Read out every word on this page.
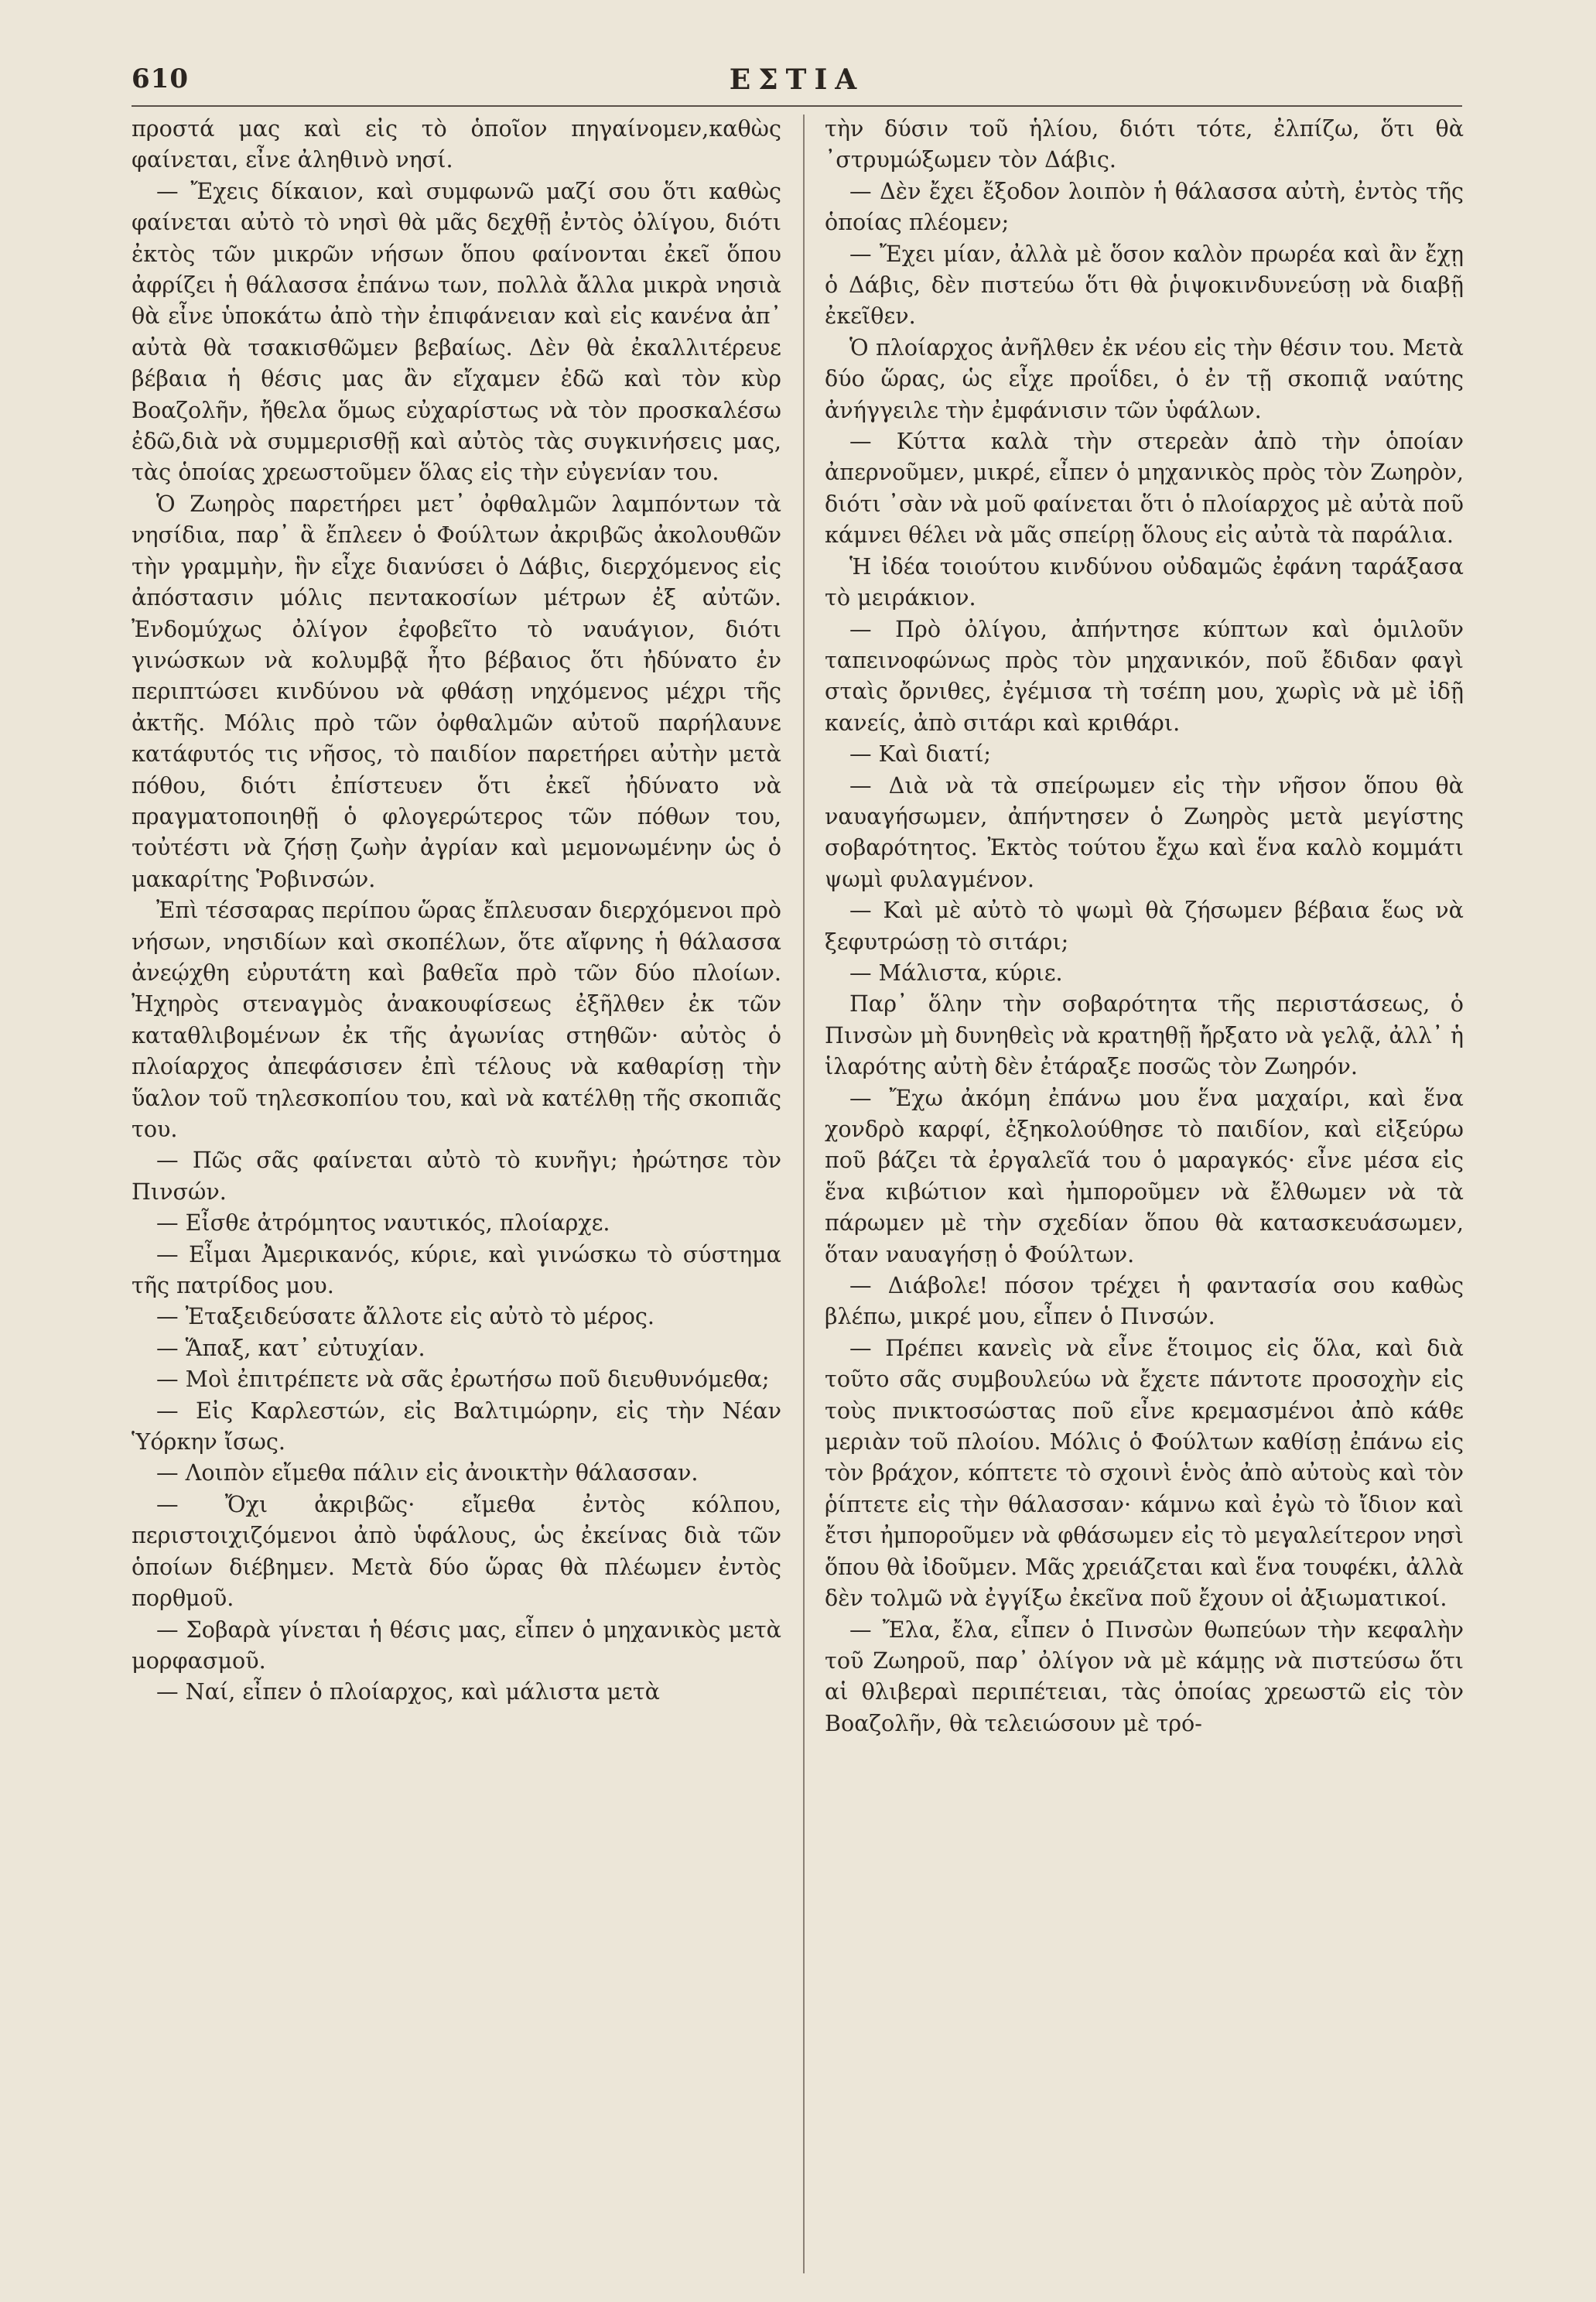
610	ΕΣΤΙΑ

προστά μας καὶ εἰς τὸ ὁποῖον πηγαίνομεν,καθὼς φαίνεται, εἶνε ἀληθινὸ νησί.

— Ἔχεις δίκαιον, καὶ συμφωνῶ μαζί σου ὅτι καθὼς φαίνεται αὐτὸ τὸ νησὶ θὰ μᾶς δεχθῇ ἐντὸς ὀλίγου, διότι ἐκτὸς τῶν μικρῶν νήσων ὅπου φαίνονται ἐκεῖ ὅπου ἀφρίζει ἡ θάλασσα ἐπάνω των, πολλὰ ἄλλα μικρὰ νησιὰ θὰ εἶνε ὑποκάτω ἀπὸ τὴν ἐπιφάνειαν καὶ εἰς κανένα ἀπ᾿ αὐτὰ θὰ τσακισθῶμεν βεβαίως. Δὲν θὰ ἐκαλλιτέρευε βέβαια ἡ θέσις μας ἂν εἴχαμεν ἐδῶ καὶ τὸν κὺρ Βοαζολῆν, ἤθελα ὅμως εὐχαρίστως νὰ τὸν προσκαλέσω ἐδῶ,διὰ νὰ συμμερισθῇ καὶ αὐτὸς τὰς συγκινήσεις μας, τὰς ὁποίας χρεωστοῦμεν ὅλας εἰς τὴν εὐγενίαν του.

Ὁ Ζωηρὸς παρετήρει μετ᾿ ὀφθαλμῶν λαμπόντων τὰ νησίδια, παρ᾿ ἃ ἔπλεεν ὁ Φούλτων ἀκριβῶς ἀκολουθῶν τὴν γραμμὴν, ἣν εἶχε διανύσει ὁ Δάβις, διερχόμενος εἰς ἀπόστασιν μόλις πεντακοσίων μέτρων ἐξ αὐτῶν. Ἐνδομύχως ὀλίγον ἐφοβεῖτο τὸ ναυάγιον, διότι γινώσκων νὰ κολυμβᾷ ἦτο βέβαιος ὅτι ἠδύνατο ἐν περιπτώσει κινδύνου νὰ φθάσῃ νηχόμενος μέχρι τῆς ἀκτῆς. Μόλις πρὸ τῶν ὀφθαλμῶν αὐτοῦ παρήλαυνε κατάφυτός τις νῆσος, τὸ παιδίον παρετήρει αὐτὴν μετὰ πόθου, διότι ἐπίστευεν ὅτι ἐκεῖ ἠδύνατο νὰ πραγματοποιηθῇ ὁ φλογερώτερος τῶν πόθων του, τοὐτέστι νὰ ζήσῃ ζωὴν ἀγρίαν καὶ μεμονωμένην ὡς ὁ μακαρίτης Ῥοβινσών.

Ἐπὶ τέσσαρας περίπου ὥρας ἔπλευσαν διερχόμενοι πρὸ νήσων, νησιδίων καὶ σκοπέλων, ὅτε αἴφνης ἡ θάλασσα ἀνεῴχθη εὐρυτάτη καὶ βαθεῖα πρὸ τῶν δύο πλοίων. Ἠχηρὸς στεναγμὸς ἀνακουφίσεως ἐξῆλθεν ἐκ τῶν καταθλιβομένων ἐκ τῆς ἀγωνίας στηθῶν· αὐτὸς ὁ πλοίαρχος ἀπεφάσισεν ἐπὶ τέλους νὰ καθαρίσῃ τὴν ὕαλον τοῦ τηλεσκοπίου του, καὶ νὰ κατέλθῃ τῆς σκοπιᾶς του.

— Πῶς σᾶς φαίνεται αὐτὸ τὸ κυνῆγι; ἠρώτησε τὸν Πινσών.

— Εἶσθε ἀτρόμητος ναυτικός, πλοίαρχε.

— Εἶμαι Ἀμερικανός, κύριε, καὶ γινώσκω τὸ σύστημα τῆς πατρίδος μου.

— Ἐταξειδεύσατε ἄλλοτε εἰς αὐτὸ τὸ μέρος.

— Ἅπαξ, κατ᾿ εὐτυχίαν.

— Μοὶ ἐπιτρέπετε νὰ σᾶς ἐρωτήσω ποῦ διευθυνόμεθα;

— Εἰς Καρλεστών, εἰς Βαλτιμώρην, εἰς τὴν Νέαν Ὑόρκην ἴσως.

— Λοιπὸν εἴμεθα πάλιν εἰς ἀνοικτὴν θάλασσαν.

— Ὄχι ἀκριβῶς· εἴμεθα ἐντὸς κόλπου, περιστοιχιζόμενοι ἀπὸ ὑφάλους, ὡς ἐκείνας διὰ τῶν ὁποίων διέβημεν. Μετὰ δύο ὥρας θὰ πλέωμεν ἐντὸς πορθμοῦ.

— Σοβαρὰ γίνεται ἡ θέσις μας, εἶπεν ὁ μηχανικὸς μετὰ μορφασμοῦ.

— Ναί, εἶπεν ὁ πλοίαρχος, καὶ μάλιστα μετὰ

τὴν δύσιν τοῦ ἡλίου, διότι τότε, ἐλπίζω, ὅτι θὰ ᾿στρυμώξωμεν τὸν Δάβις.

— Δὲν ἔχει ἔξοδον λοιπὸν ἡ θάλασσα αὐτὴ, ἐντὸς τῆς ὁποίας πλέομεν;

— Ἔχει μίαν, ἀλλὰ μὲ ὅσον καλὸν πρωρέα καὶ ἂν ἔχῃ ὁ Δάβις, δὲν πιστεύω ὅτι θὰ ῥιψοκινδυνεύσῃ νὰ διαβῇ ἐκεῖθεν.

Ὁ πλοίαρχος ἀνῆλθεν ἐκ νέου εἰς τὴν θέσιν του. Μετὰ δύο ὥρας, ὡς εἶχε προΐδει, ὁ ἐν τῇ σκοπιᾷ ναύτης ἀνήγγειλε τὴν ἐμφάνισιν τῶν ὑφάλων.

— Κύττα καλὰ τὴν στερεὰν ἀπὸ τὴν ὁποίαν ἀπερνοῦμεν, μικρέ, εἶπεν ὁ μηχανικὸς πρὸς τὸν Ζωηρὸν, διότι ᾿σὰν νὰ μοῦ φαίνεται ὅτι ὁ πλοίαρχος μὲ αὐτὰ ποῦ κάμνει θέλει νὰ μᾶς σπείρῃ ὅλους εἰς αὐτὰ τὰ παράλια.

Ἡ ἰδέα τοιούτου κινδύνου οὐδαμῶς ἐφάνη ταράξασα τὸ μειράκιον.

— Πρὸ ὀλίγου, ἀπήντησε κύπτων καὶ ὁμιλοῦν ταπεινοφώνως πρὸς τὸν μηχανικόν, ποῦ ἔδιδαν φαγὶ σταὶς ὄρνιθες, ἐγέμισα τὴ τσέπη μου, χωρὶς νὰ μὲ ἰδῇ κανείς, ἀπὸ σιτάρι καὶ κριθάρι.

— Καὶ διατί;

— Διὰ νὰ τὰ σπείρωμεν εἰς τὴν νῆσον ὅπου θὰ ναυαγήσωμεν, ἀπήντησεν ὁ Ζωηρὸς μετὰ μεγίστης σοβαρότητος. Ἐκτὸς τούτου ἔχω καὶ ἕνα καλὸ κομμάτι ψωμὶ φυλαγμένον.

— Καὶ μὲ αὐτὸ τὸ ψωμὶ θὰ ζήσωμεν βέβαια ἕως νὰ ξεφυτρώσῃ τὸ σιτάρι;

— Μάλιστα, κύριε.

Παρ᾿ ὅλην τὴν σοβαρότητα τῆς περιστάσεως, ὁ Πινσὼν μὴ δυνηθεὶς νὰ κρατηθῇ ἤρξατο νὰ γελᾷ, ἀλλ᾿ ἡ ἱλαρότης αὐτὴ δὲν ἐτάραξε ποσῶς τὸν Ζωηρόν.

— Ἔχω ἀκόμη ἐπάνω μου ἕνα μαχαίρι, καὶ ἕνα χονδρὸ καρφί, ἐξηκολούθησε τὸ παιδίον, καὶ εἰξεύρω ποῦ βάζει τὰ ἐργαλεῖά του ὁ μαραγκός· εἶνε μέσα εἰς ἕνα κιβώτιον καὶ ἠμποροῦμεν νὰ ἔλθωμεν νὰ τὰ πάρωμεν μὲ τὴν σχεδίαν ὅπου θὰ κατασκευάσωμεν, ὅταν ναυαγήσῃ ὁ Φούλτων.

— Διάβολε! πόσον τρέχει ἡ φαντασία σου καθὼς βλέπω, μικρέ μου, εἶπεν ὁ Πινσών.

— Πρέπει κανεὶς νὰ εἶνε ἕτοιμος εἰς ὅλα, καὶ διὰ τοῦτο σᾶς συμβουλεύω νὰ ἔχετε πάντοτε προσοχὴν εἰς τοὺς πνικτοσώστας ποῦ εἶνε κρεμασμένοι ἀπὸ κάθε μεριὰν τοῦ πλοίου. Μόλις ὁ Φούλτων καθίσῃ ἐπάνω εἰς τὸν βράχον, κόπτετε τὸ σχοινὶ ἑνὸς ἀπὸ αὐτοὺς καὶ τὸν ῥίπτετε εἰς τὴν θάλασσαν· κάμνω καὶ ἐγὼ τὸ ἴδιον καὶ ἔτσι ἠμποροῦμεν νὰ φθάσωμεν εἰς τὸ μεγαλείτερον νησὶ ὅπου θὰ ἰδοῦμεν. Μᾶς χρειάζεται καὶ ἕνα τουφέκι, ἀλλὰ δὲν τολμῶ νὰ ἐγγίξω ἐκεῖνα ποῦ ἔχουν οἱ ἀξιωματικοί.

— Ἔλα, ἔλα, εἶπεν ὁ Πινσὼν θωπεύων τὴν κεφαλὴν τοῦ Ζωηροῦ, παρ᾿ ὀλίγον νὰ μὲ κάμῃς νὰ πιστεύσω ὅτι αἱ θλιβεραὶ περιπέτειαι, τὰς ὁποίας χρεωστῶ εἰς τὸν Βοαζολῆν, θὰ τελειώσουν μὲ τρό-
